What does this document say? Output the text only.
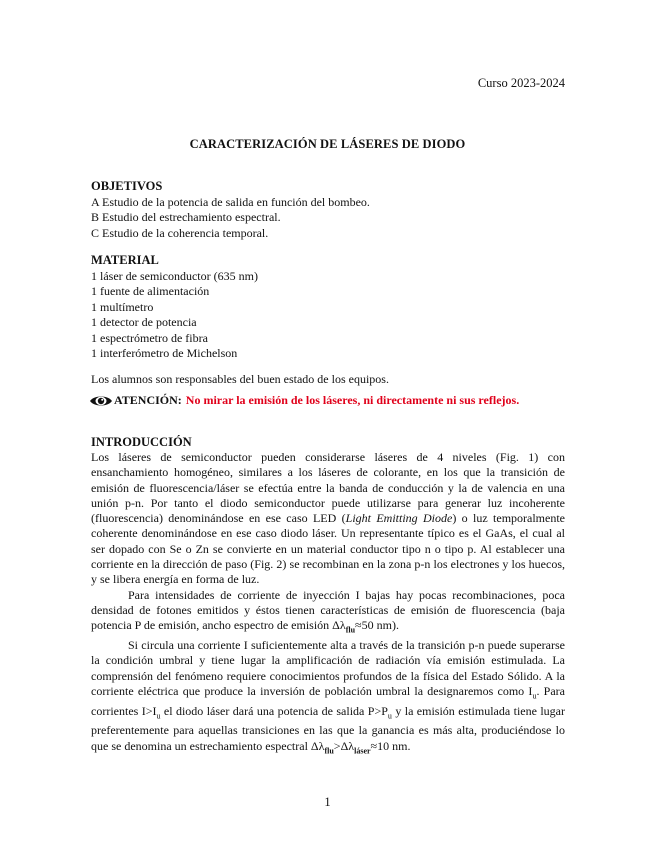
Curso 2023-2024
CARACTERIZACIÓN DE LÁSERES DE DIODO
OBJETIVOS
A Estudio de la potencia de salida en función del bombeo.
B Estudio del estrechamiento espectral.
C Estudio de la coherencia temporal.
MATERIAL
1 láser de semiconductor (635 nm)
1 fuente de alimentación
1 multímetro
1 detector de potencia
1 espectrómetro de fibra
1 interferómetro de Michelson
Los alumnos son responsables del buen estado de los equipos.
ATENCIÓN: No mirar la emisión de los láseres, ni directamente ni sus reflejos.
INTRODUCCIÓN

Los láseres de semiconductor pueden considerarse láseres de 4 niveles (Fig. 1) con ensanchamiento homogéneo, similares a los láseres de colorante, en los que la transición de emisión de fluorescencia/láser se efectúa entre la banda de conducción y la de valencia en una unión p-n. Por tanto el diodo semiconductor puede utilizarse para generar luz incoherente (fluorescencia) denominándose en ese caso LED (Light Emitting Diode) o luz temporalmente coherente denominándose en ese caso diodo láser. Un representante típico es el GaAs, el cual al ser dopado con Se o Zn se convierte en un material conductor tipo n o tipo p. Al establecer una corriente en la dirección de paso (Fig. 2) se recombinan en la zona p-n los electrones y los huecos, y se libera energía en forma de luz.

Para intensidades de corriente de inyección I bajas hay pocas recombinaciones, poca densidad de fotones emitidos y éstos tienen características de emisión de fluorescencia (baja potencia P de emisión, ancho espectro de emisión $\Delta\lambda_{flu}\approx 50$ nm).

Si circula una corriente I suficientemente alta a través de la transición p-n puede superarse la condición umbral y tiene lugar la amplificación de radiación vía emisión estimulada. La comprensión del fenómeno requiere conocimientos profundos de la física del Estado Sólido. A la corriente eléctrica que produce la inversión de población umbral la designaremos como $I_u$. Para corrientes $I>I_u$ el diodo láser dará una potencia de salida $P>P_u$ y la emisión estimulada tiene lugar preferentemente para aquellas transiciones en las que la ganancia es más alta, produciéndose lo que se denomina un estrechamiento espectral $\Delta\lambda_{flu}>\Delta\lambda_{láser}\approx 10$ nm.

1
